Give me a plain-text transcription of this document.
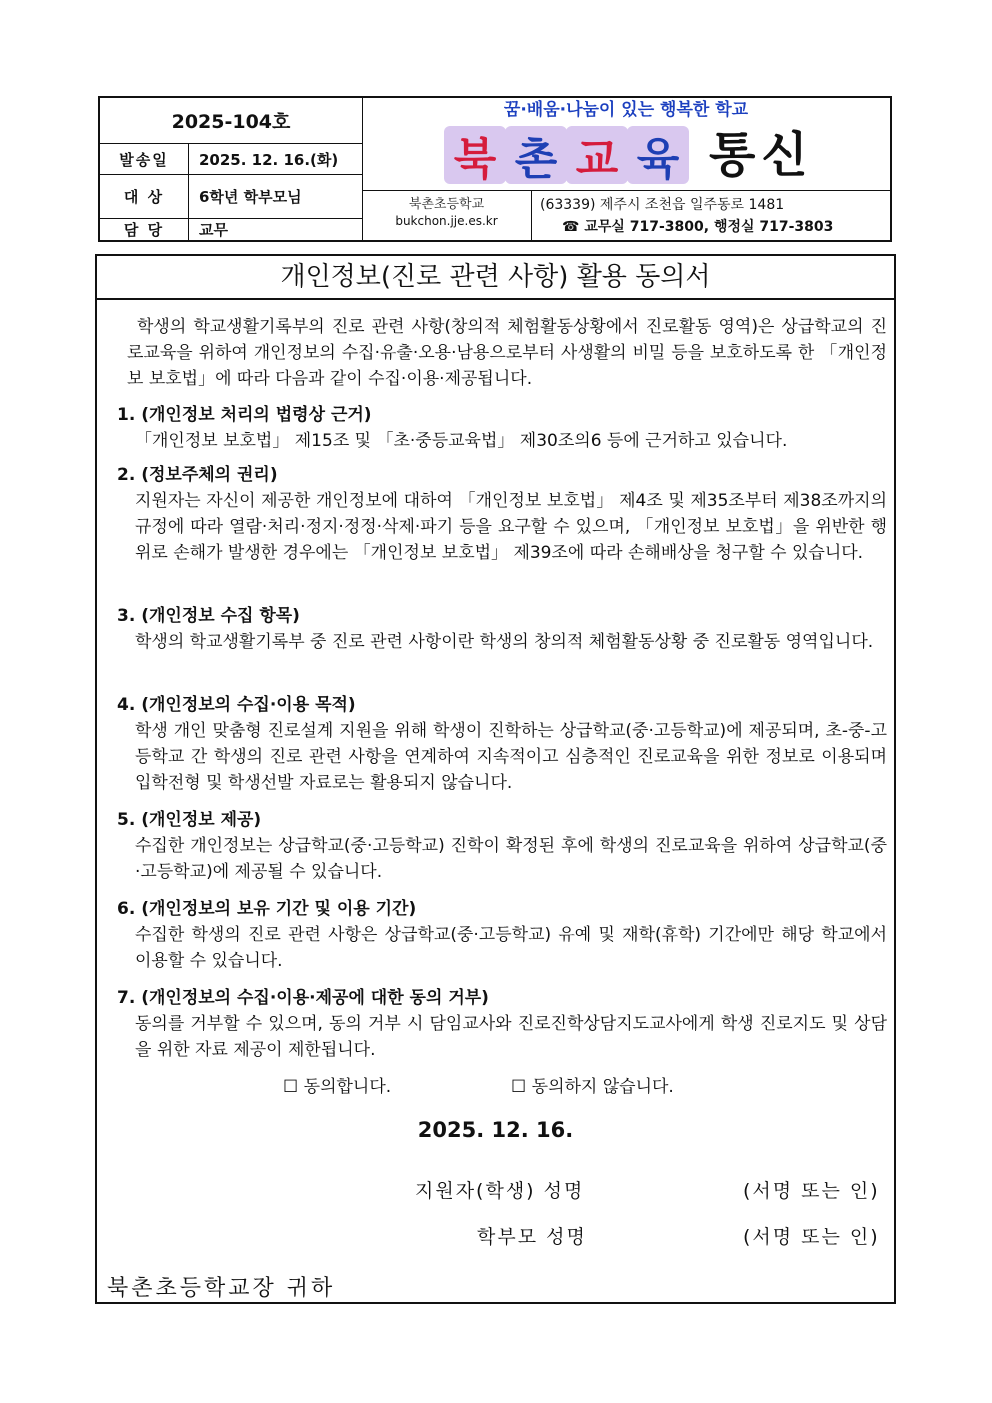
2025-104호
발송일	2025. 12. 16.(화)
대 상	6학년 학부모님
담 당	교무
꿈·배움·나눔이 있는 행복한 학교
북 촌 교 육 통신
북촌초등학교
bukchon.jje.es.kr
(63339) 제주시 조천읍 일주동로 1481
☎ 교무실 717-3800, 행정실 717-3803
개인정보(진로 관련 사항) 활용 동의서
학생의 학교생활기록부의 진로 관련 사항(창의적 체험활동상황에서 진로활동 영역)은 상급학교의 진로교육을 위하여 개인정보의 수집·유출·오용·남용으로부터 사생활의 비밀 등을 보호하도록 한 「개인정보 보호법」에 따라 다음과 같이 수집·이용·제공됩니다.
1. (개인정보 처리의 법령상 근거)
「개인정보 보호법」 제15조 및 「초·중등교육법」 제30조의6 등에 근거하고 있습니다.
2. (정보주체의 권리)
지원자는 자신이 제공한 개인정보에 대하여 「개인정보 보호법」 제4조 및 제35조부터 제38조까지의 규정에 따라 열람·처리·정지·정정·삭제·파기 등을 요구할 수 있으며, 「개인정보 보호법」을 위반한 행위로 손해가 발생한 경우에는 「개인정보 보호법」 제39조에 따라 손해배상을 청구할 수 있습니다.
3. (개인정보 수집 항목)
학생의 학교생활기록부 중 진로 관련 사항이란 학생의 창의적 체험활동상황 중 진로활동 영역입니다.
4. (개인정보의 수집·이용 목적)
학생 개인 맞춤형 진로설계 지원을 위해 학생이 진학하는 상급학교(중·고등학교)에 제공되며, 초-중-고등학교 간 학생의 진로 관련 사항을 연계하여 지속적이고 심층적인 진로교육을 위한 정보로 이용되며 입학전형 및 학생선발 자료로는 활용되지 않습니다.
5. (개인정보 제공)
수집한 개인정보는 상급학교(중·고등학교) 진학이 확정된 후에 학생의 진로교육을 위하여 상급학교(중·고등학교)에 제공될 수 있습니다.
6. (개인정보의 보유 기간 및 이용 기간)
수집한 학생의 진로 관련 사항은 상급학교(중·고등학교) 유예 및 재학(휴학) 기간에만 해당 학교에서 이용할 수 있습니다.
7. (개인정보의 수집·이용·제공에 대한 동의 거부)
동의를 거부할 수 있으며, 동의 거부 시 담임교사와 진로진학상담지도교사에게 학생 진로지도 및 상담을 위한 자료 제공이 제한됩니다.
☐ 동의합니다.	☐ 동의하지 않습니다.
2025. 12. 16.
지원자(학생) 성명	(서명 또는 인)
학부모 성명	(서명 또는 인)
북촌초등학교장 귀하
